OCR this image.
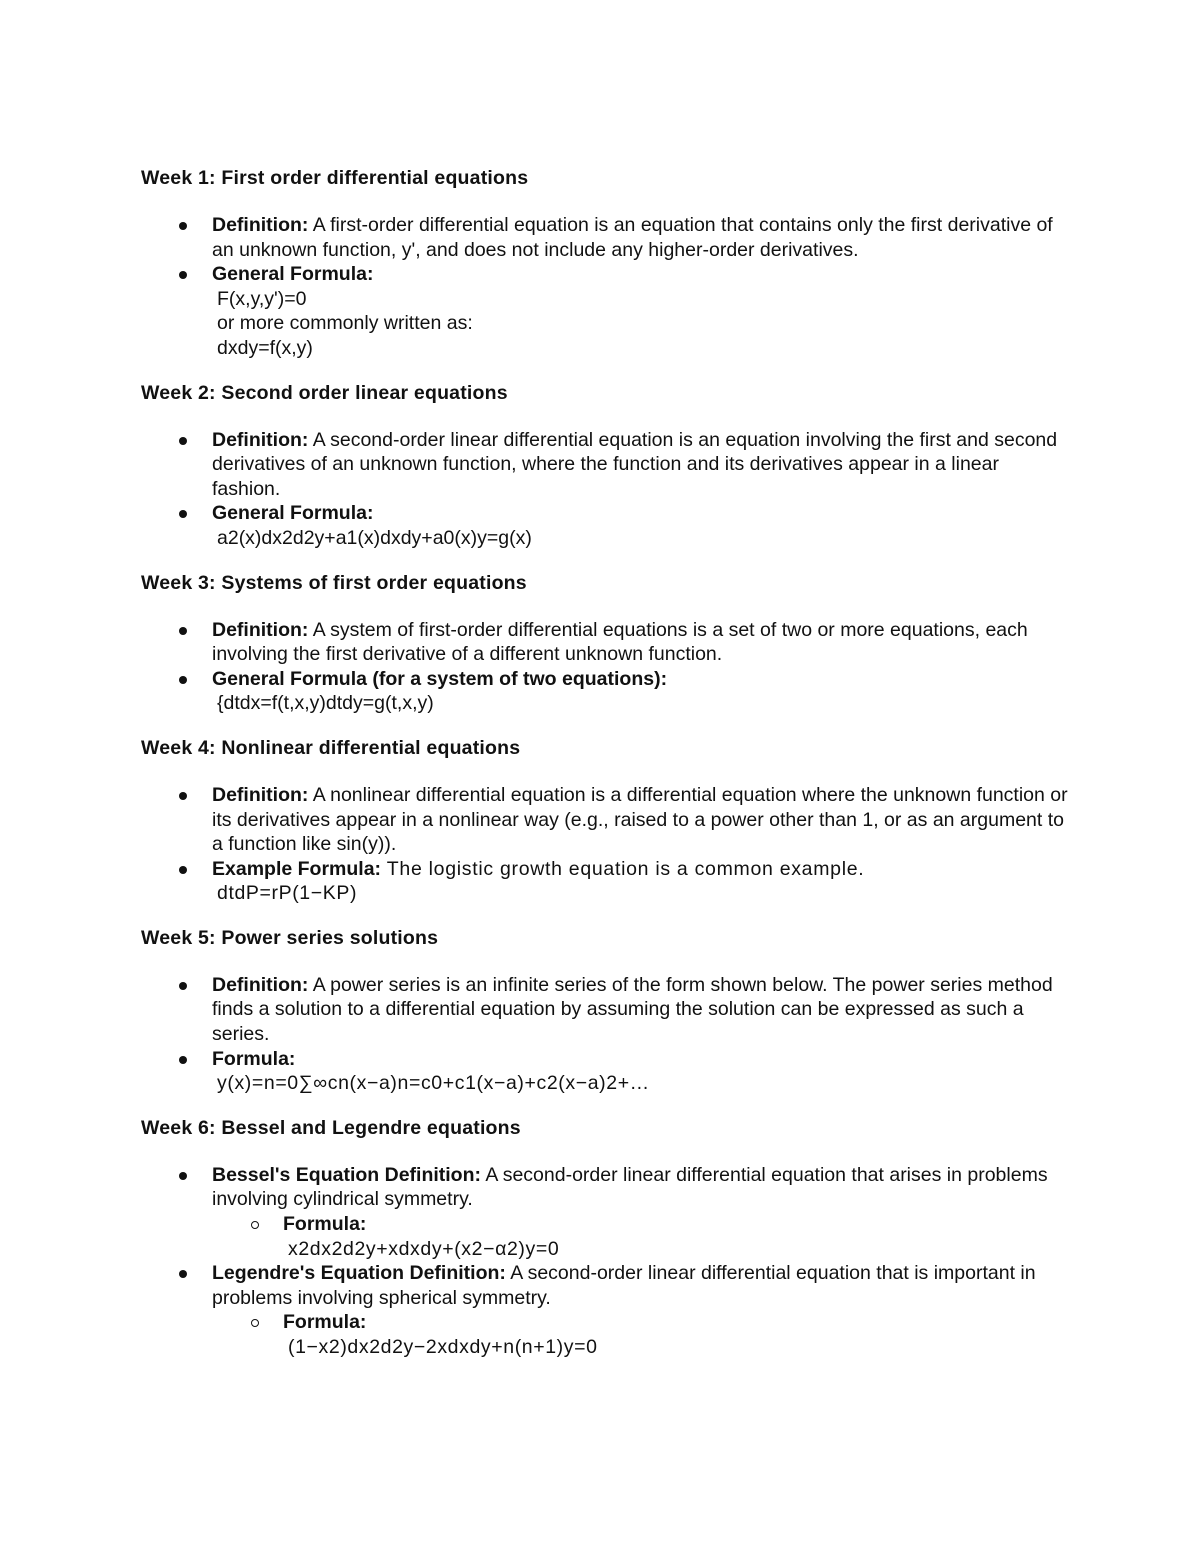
Week 1: First order differential equations
Definition: A first-order differential equation is an equation that contains only the first derivative of an unknown function, y', and does not include any higher-order derivatives.
General Formula:
F(x,y,y')=0
or more commonly written as:
dxdy=f(x,y)
Week 2: Second order linear equations
Definition: A second-order linear differential equation is an equation involving the first and second derivatives of an unknown function, where the function and its derivatives appear in a linear fashion.
General Formula:
a2(x)dx2d2y+a1(x)dxdy+a0(x)y=g(x)
Week 3: Systems of first order equations
Definition: A system of first-order differential equations is a set of two or more equations, each involving the first derivative of a different unknown function.
General Formula (for a system of two equations):
{dtdx=f(t,x,y)dtdy=g(t,x,y)
Week 4: Nonlinear differential equations
Definition: A nonlinear differential equation is a differential equation where the unknown function or its derivatives appear in a nonlinear way (e.g., raised to a power other than 1, or as an argument to a function like sin(y)).
Example Formula: The logistic growth equation is a common example.
dtdP=rP(1−KP)
Week 5: Power series solutions
Definition: A power series is an infinite series of the form shown below. The power series method finds a solution to a differential equation by assuming the solution can be expressed as such a series.
Formula:
y(x)=n=0∑∞cn(x−a)n=c0+c1(x−a)+c2(x−a)2+…
Week 6: Bessel and Legendre equations
Bessel's Equation Definition: A second-order linear differential equation that arises in problems involving cylindrical symmetry.
Formula:
x2dx2d2y+xdxdy+(x2−α2)y=0
Legendre's Equation Definition: A second-order linear differential equation that is important in problems involving spherical symmetry.
Formula:
(1−x2)dx2d2y−2xdxdy+n(n+1)y=0
